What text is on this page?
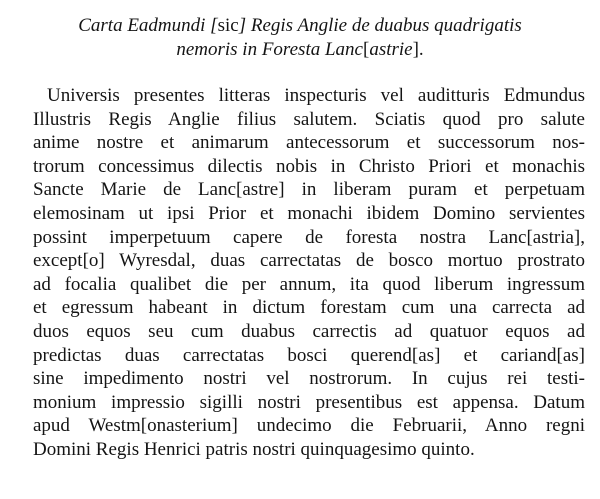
Carta Eadmundi [sic] Regis Anglie de duabus quadrigatis
nemoris in Foresta Lanc[astrie].
Universis presentes litteras inspecturis vel auditturis Edmundus
Illustris Regis Anglie filius salutem. Sciatis quod pro salute
anime nostre et animarum antecessorum et successorum nos-
trorum concessimus dilectis nobis in Christo Priori et monachis
Sancte Marie de Lanc[astre] in liberam puram et perpetuam
elemosinam ut ipsi Prior et monachi ibidem Domino servientes
possint imperpetuum capere de foresta nostra Lanc[astria],
except[o] Wyresdal, duas carrectatas de bosco mortuo prostrato
ad focalia qualibet die per annum, ita quod liberum ingressum
et egressum habeant in dictum forestam cum una carrecta ad
duos equos seu cum duabus carrectis ad quatuor equos ad
predictas duas carrectatas bosci querend[as] et cariand[as]
sine impedimento nostri vel nostrorum. In cujus rei testi-
monium impressio sigilli nostri presentibus est appensa. Datum
apud Westm[onasterium] undecimo die Februarii, Anno regni
Domini Regis Henrici patris nostri quinquagesimo quinto.
